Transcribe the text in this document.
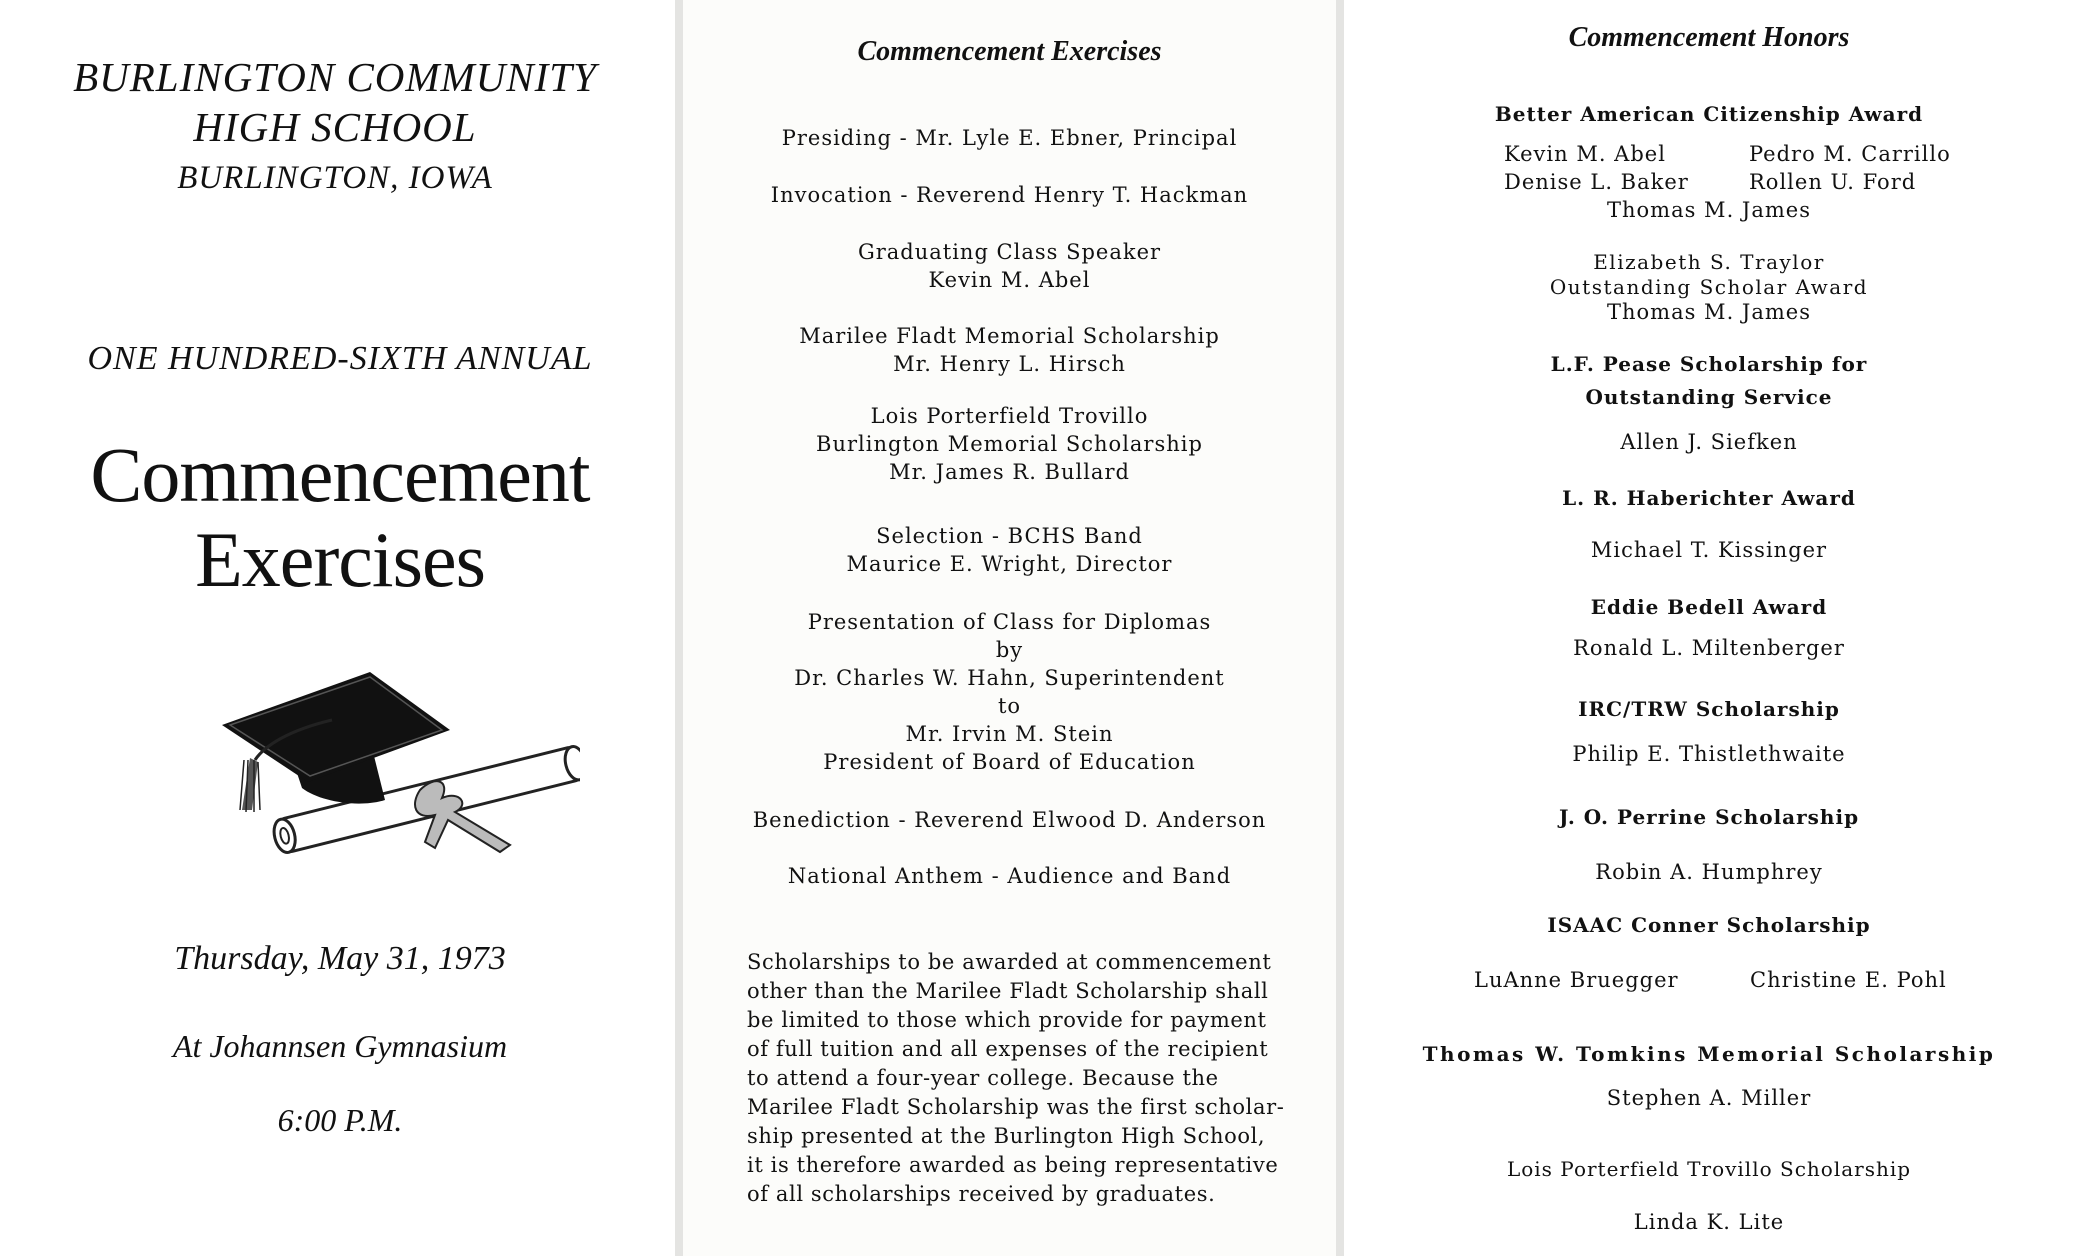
BURLINGTON COMMUNITY
HIGH SCHOOL
BURLINGTON, IOWA
ONE HUNDRED-SIXTH ANNUAL
Commencement
Exercises
Thursday, May 31, 1973
At Johannsen Gymnasium
6:00 P.M.
Commencement Exercises
Presiding - Mr. Lyle E. Ebner, Principal
Invocation - Reverend Henry T. Hackman
Graduating Class Speaker
Kevin M. Abel
Marilee Fladt Memorial Scholarship
Mr. Henry L. Hirsch
Lois Porterfield Trovillo
Burlington Memorial Scholarship
Mr. James R. Bullard
Selection - BCHS Band
Maurice E. Wright, Director
Presentation of Class for Diplomas
by
Dr. Charles W. Hahn, Superintendent
to
Mr. Irvin M. Stein
President of Board of Education
Benediction - Reverend Elwood D. Anderson
National Anthem - Audience and Band
Scholarships to be awarded at commencement
other than the Marilee Fladt Scholarship shall
be limited to those which provide for payment
of full tuition and all expenses of the recipient
to attend a four-year college. Because the
Marilee Fladt Scholarship was the first scholar-
ship presented at the Burlington High School,
it is therefore awarded as being representative
of all scholarships received by graduates.
Commencement Honors
Better American Citizenship Award
Kevin M. Abel	Pedro M. Carrillo
Denise L. Baker	Rollen U. Ford
Thomas M. James
Elizabeth S. Traylor
Outstanding Scholar Award
Thomas M. James
L.F. Pease Scholarship for
Outstanding Service
Allen J. Siefken
L. R. Haberichter Award
Michael T. Kissinger
Eddie Bedell Award
Ronald L. Miltenberger
IRC/TRW Scholarship
Philip E. Thistlethwaite
J. O. Perrine Scholarship
Robin A. Humphrey
ISAAC Conner Scholarship
LuAnne Bruegger	Christine E. Pohl
Thomas W. Tomkins Memorial Scholarship
Stephen A. Miller
Lois Porterfield Trovillo Scholarship
Linda K. Lite
